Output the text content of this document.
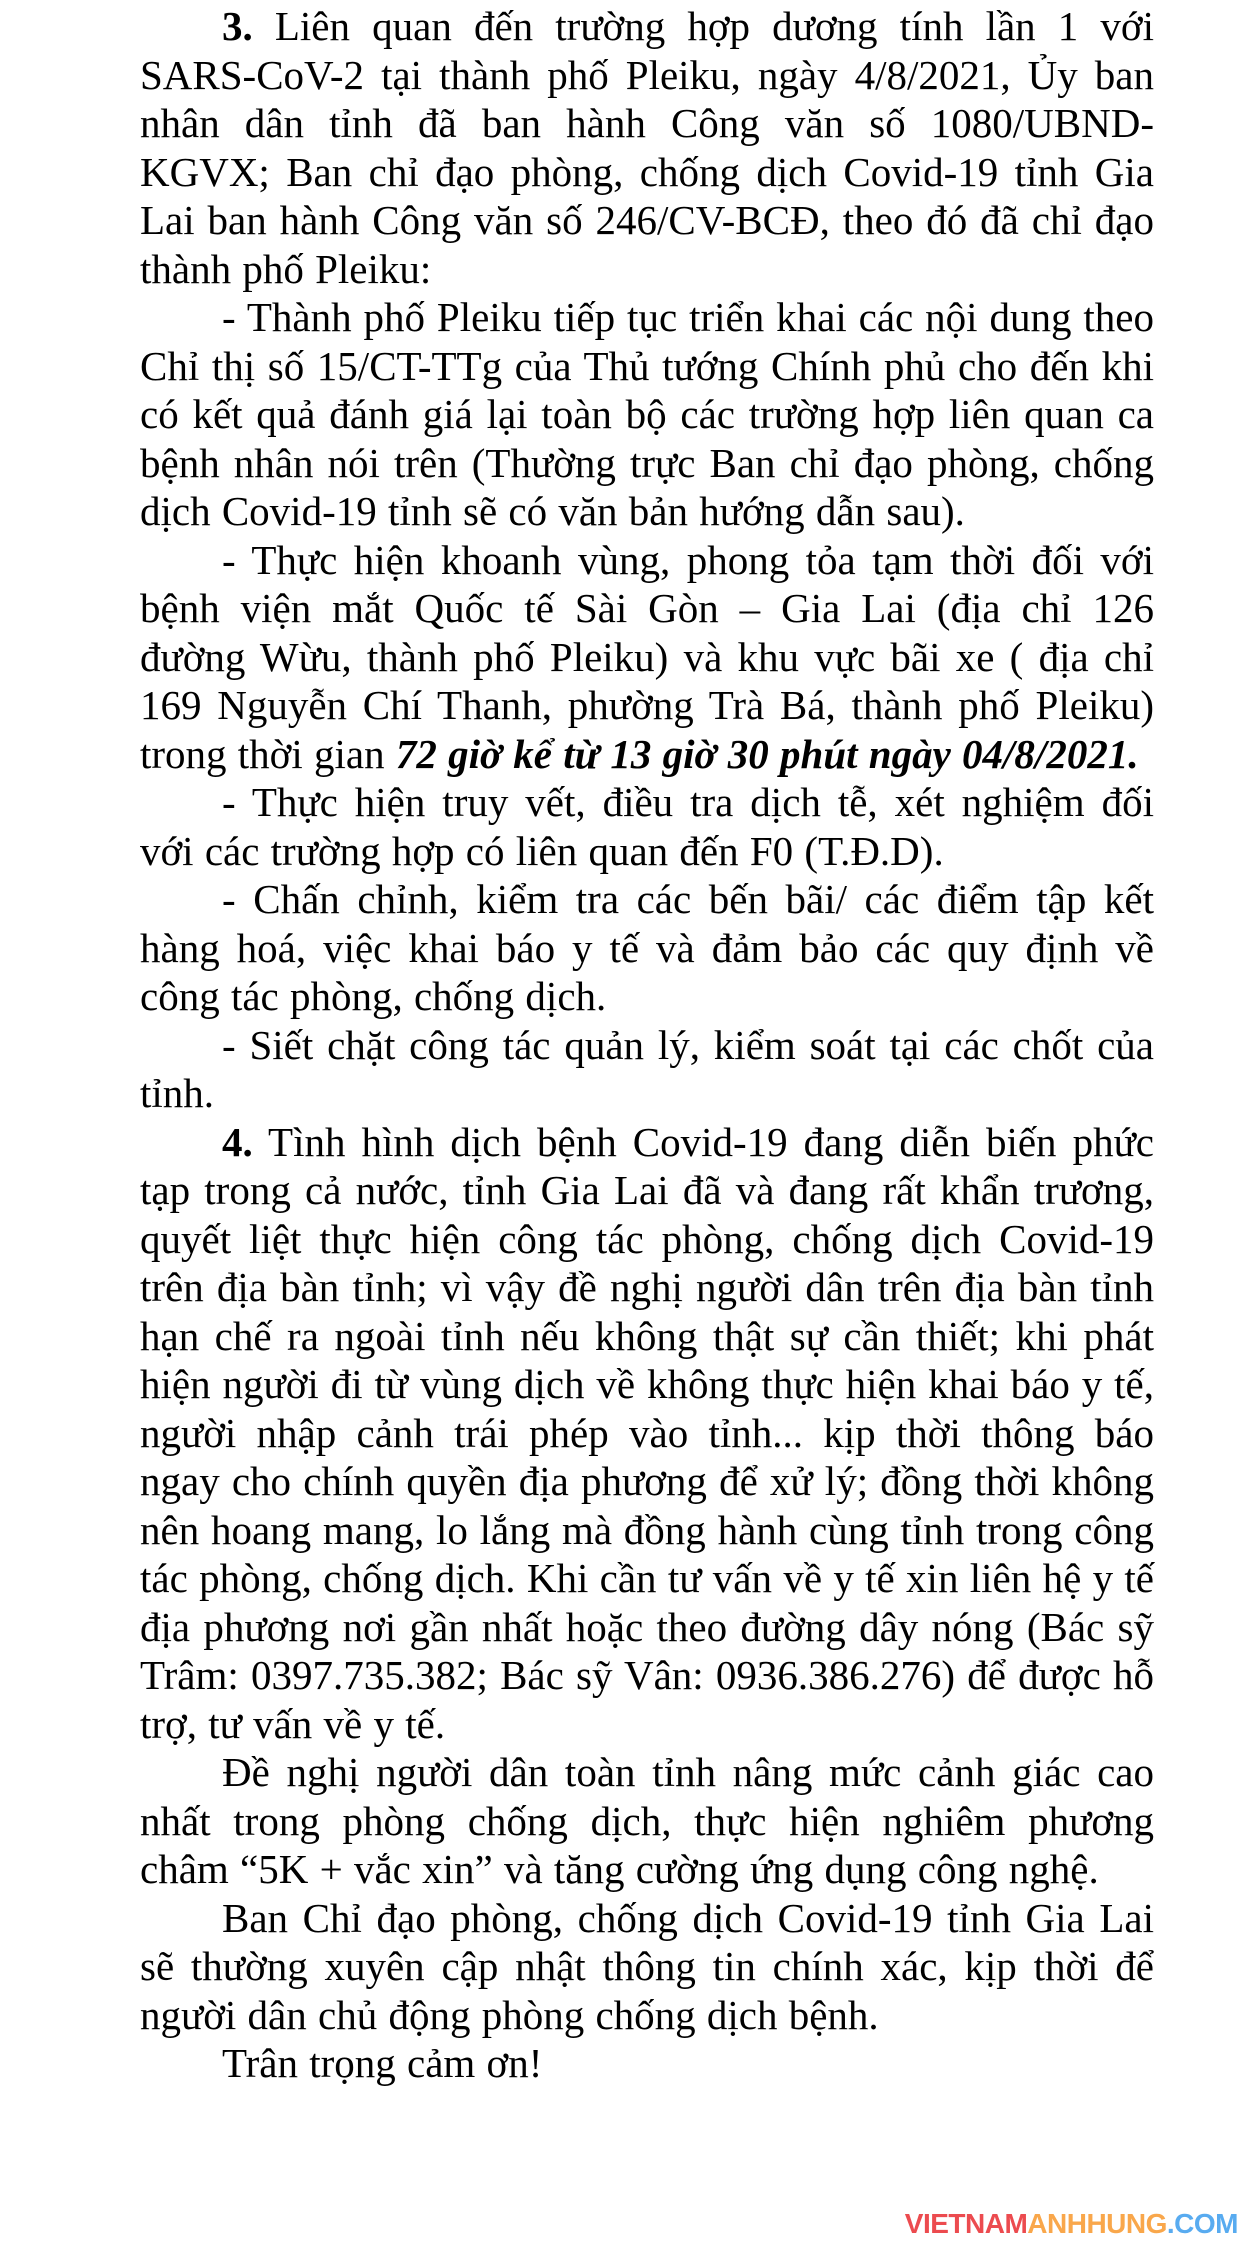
3. Liên quan đến trường hợp dương tính lần 1 với SARS-CoV-2 tại thành phố Pleiku, ngày 4/8/2021, Ủy ban nhân dân tỉnh đã ban hành Công văn số 1080/UBND-KGVX; Ban chỉ đạo phòng, chống dịch Covid-19 tỉnh Gia Lai ban hành Công văn số 246/CV-BCĐ, theo đó đã chỉ đạo thành phố Pleiku:

- Thành phố Pleiku tiếp tục triển khai các nội dung theo Chỉ thị số 15/CT-TTg của Thủ tướng Chính phủ cho đến khi có kết quả đánh giá lại toàn bộ các trường hợp liên quan ca bệnh nhân nói trên (Thường trực Ban chỉ đạo phòng, chống dịch Covid-19 tỉnh sẽ có văn bản hướng dẫn sau).

- Thực hiện khoanh vùng, phong tỏa tạm thời đối với bệnh viện mắt Quốc tế Sài Gòn – Gia Lai (địa chỉ 126 đường Wừu, thành phố Pleiku) và khu vực bãi xe ( địa chỉ 169 Nguyễn Chí Thanh, phường Trà Bá, thành phố Pleiku) trong thời gian 72 giờ kể từ 13 giờ 30 phút ngày 04/8/2021.

- Thực hiện truy vết, điều tra dịch tễ, xét nghiệm đối với các trường hợp có liên quan đến F0 (T.Đ.D).

- Chấn chỉnh, kiểm tra các bến bãi/ các điểm tập kết hàng hoá, việc khai báo y tế và đảm bảo các quy định về công tác phòng, chống dịch.

- Siết chặt công tác quản lý, kiểm soát tại các chốt của tỉnh.

4. Tình hình dịch bệnh Covid-19 đang diễn biến phức tạp trong cả nước, tỉnh Gia Lai đã và đang rất khẩn trương, quyết liệt thực hiện công tác phòng, chống dịch Covid-19 trên địa bàn tỉnh; vì vậy đề nghị người dân trên địa bàn tỉnh hạn chế ra ngoài tỉnh nếu không thật sự cần thiết; khi phát hiện người đi từ vùng dịch về không thực hiện khai báo y tế, người nhập cảnh trái phép vào tỉnh... kịp thời thông báo ngay cho chính quyền địa phương để xử lý; đồng thời không nên hoang mang, lo lắng mà đồng hành cùng tỉnh trong công tác phòng, chống dịch. Khi cần tư vấn về y tế xin liên hệ y tế địa phương nơi gần nhất hoặc theo đường dây nóng (Bác sỹ Trâm: 0397.735.382; Bác sỹ Vân: 0936.386.276) để được hỗ trợ, tư vấn về y tế.

Đề nghị người dân toàn tỉnh nâng mức cảnh giác cao nhất trong phòng chống dịch, thực hiện nghiêm phương châm “5K + vắc xin” và tăng cường ứng dụng công nghệ.

Ban Chỉ đạo phòng, chống dịch Covid-19 tỉnh Gia Lai sẽ thường xuyên cập nhật thông tin chính xác, kịp thời để người dân chủ động phòng chống dịch bệnh.

Trân trọng cảm ơn!

VIETNAMANHHUNG.COM
